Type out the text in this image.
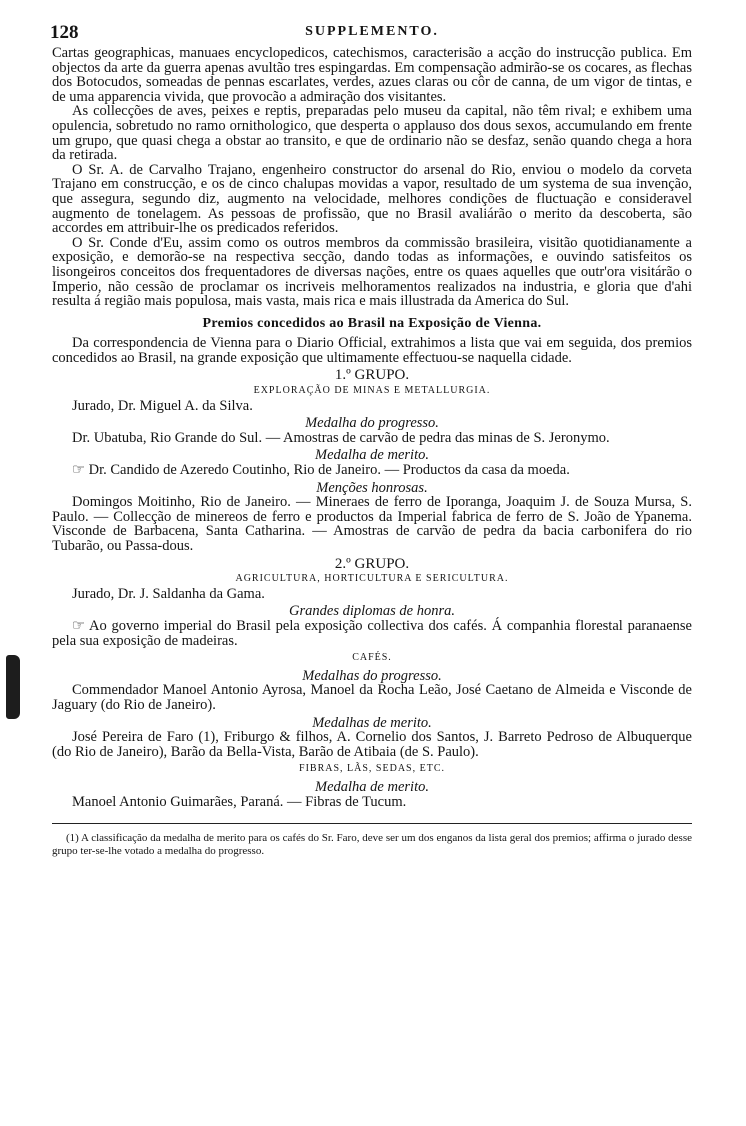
128	SUPPLEMENTO.

Cartas geographicas, manuaes encyclopedicos, catechismos, caracterisão a acção do instrucção publica. Em objectos da arte da guerra apenas avultão tres espingardas. Em compensação admirão-se os cocares, as flechas dos Botocudos, someadas de pennas escarlates, verdes, azues claras ou côr de canna, de um vigor de tintas, e de uma apparencia vivida, que provocão a admiração dos visitantes.

As collecções de aves, peixes e reptis, preparadas pelo museu da capital, não têm rival; e exhibem uma opulencia, sobretudo no ramo ornithologico, que desperta o applauso dos dous sexos, accumulando em frente um grupo, que quasi chega a obstar ao transito, e que de ordinario não se desfaz, senão quando chega a hora da retirada.

O Sr. A. de Carvalho Trajano, engenheiro constructor do arsenal do Rio, enviou o modelo da corveta Trajano em construcção, e os de cinco chalupas movidas a vapor, resultado de um systema de sua invenção, que assegura, segundo diz, augmento na velocidade, melhores condições de fluctuação e consideravel augmento de tonelagem. As pessoas de profissão, que no Brasil avaliárão o merito da descoberta, são accordes em attribuir-lhe os predicados referidos.

O Sr. Conde d'Eu, assim como os outros membros da commissão brasileira, visitão quotidianamente a exposição, e demorão-se na respectiva secção, dando todas as informações, e ouvindo satisfeitos os lisongeiros conceitos dos frequentadores de diversas nações, entre os quaes aquelles que outr'ora visitárão o Imperio, não cessão de proclamar os incriveis melhoramentos realizados na industria, e gloria que d'ahi resulta á região mais populosa, mais vasta, mais rica e mais illustrada da America do Sul.

Premios concedidos ao Brasil na Exposição de Vienna.

Da correspondencia de Vienna para o Diario Official, extrahimos a lista que vai em seguida, dos premios concedidos ao Brasil, na grande exposição que ultimamente effectuou-se naquella cidade.

1.º GRUPO.
EXPLORAÇÃO DE MINAS E METALLURGIA.

Jurado, Dr. Miguel A. da Silva.

Medalha do progresso.

Dr. Ubatuba, Rio Grande do Sul. — Amostras de carvão de pedra das minas de S. Jeronymo.

Medalha de merito.

☞ Dr. Candido de Azeredo Coutinho, Rio de Janeiro. — Productos da casa da moeda.

Menções honrosas.

Domingos Moitinho, Rio de Janeiro. — Mineraes de ferro de Iporanga, Joaquim J. de Souza Mursa, S. Paulo. — Collecção de minereos de ferro e productos da Imperial fabrica de ferro de S. João de Ypanema. Visconde de Barbacena, Santa Catharina. — Amostras de carvão de pedra da bacia carbonifera do rio Tubarão, ou Passa-dous.

2.º GRUPO.
AGRICULTURA, HORTICULTURA E SERICULTURA.

Jurado, Dr. J. Saldanha da Gama.

Grandes diplomas de honra.

☞ Ao governo imperial do Brasil pela exposição collectiva dos cafés. Á companhia florestal paranaense pela sua exposição de madeiras.

CAFÉS.
Medalhas do progresso.

Commendador Manoel Antonio Ayrosa, Manoel da Rocha Leão, José Caetano de Almeida e Visconde de Jaguary (do Rio de Janeiro).

Medalhas de merito.

José Pereira de Faro (1), Friburgo & filhos, A. Cornelio dos Santos, J. Barreto Pedroso de Albuquerque (do Rio de Janeiro), Barão da Bella-Vista, Barão de Atibaia (de S. Paulo).

FIBRAS, LÃS, SEDAS, ETC.
Medalha de merito.

Manoel Antonio Guimarães, Paraná. — Fibras de Tucum.

(1) A classificação da medalha de merito para os cafés do Sr. Faro, deve ser um dos enganos da lista geral dos premios; affirma o jurado desse grupo ter-se-lhe votado a medalha do progresso.
